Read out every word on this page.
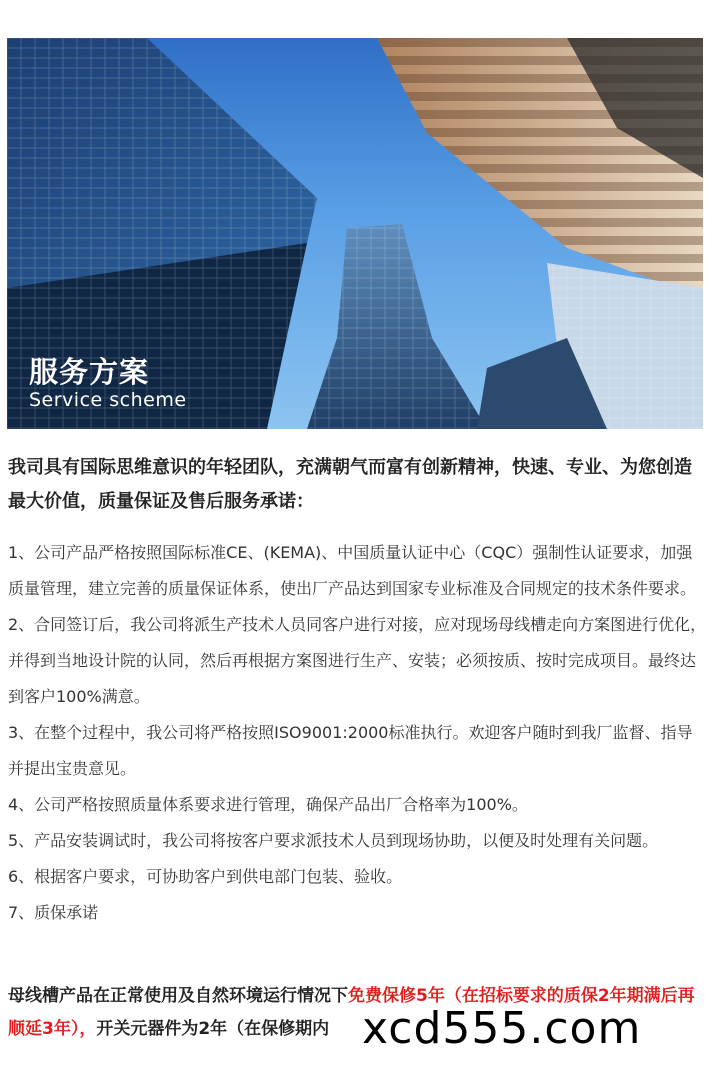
服务方案
Service scheme
我司具有国际思维意识的年轻团队，充满朝气而富有创新精神，快速、专业、为您创造最大价值，质量保证及售后服务承诺：

1、公司产品严格按照国际标准CE、(KEMA)、中国质量认证中心（CQC）强制性认证要求，加强质量管理，建立完善的质量保证体系，使出厂产品达到国家专业标准及合同规定的技术条件要求。

2、合同签订后，我公司将派生产技术人员同客户进行对接，应对现场母线槽走向方案图进行优化，并得到当地设计院的认同，然后再根据方案图进行生产、安装；必须按质、按时完成项目。最终达到客户100%满意。

3、在整个过程中，我公司将严格按照ISO9001:2000标准执行。欢迎客户随时到我厂监督、指导并提出宝贵意见。

4、公司严格按照质量体系要求进行管理，确保产品出厂合格率为100%。

5、产品安装调试时，我公司将按客户要求派技术人员到现场协助，以便及时处理有关问题。

6、根据客户要求，可协助客户到供电部门包装、验收。

7、质保承诺

母线槽产品在正常使用及自然环境运行情况下免费保修5年（在招标要求的质保2年期满后再顺延3年），开关元器件为2年（在保修期内 xcd555.com
